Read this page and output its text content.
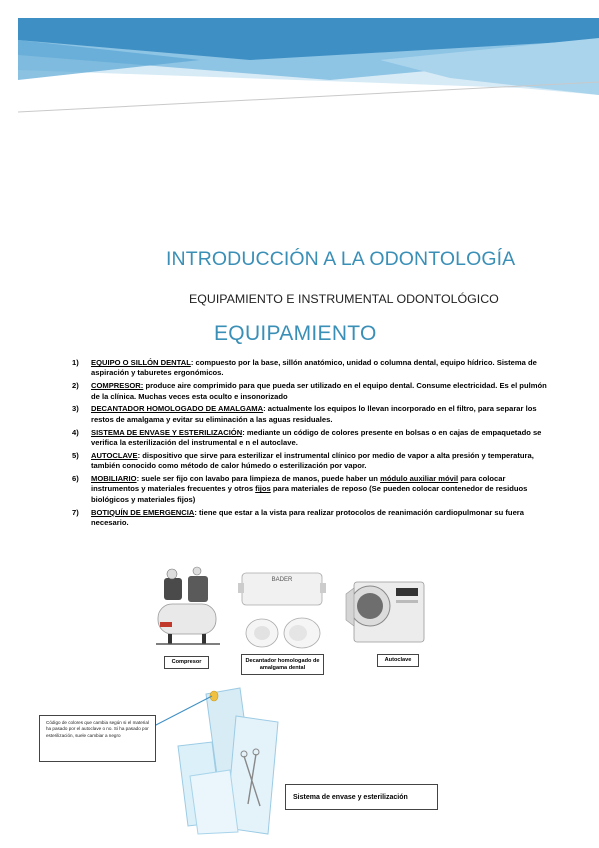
INTRODUCCIÓN A LA ODONTOLOGÍA
EQUIPAMIENTO E INSTRUMENTAL ODONTOLÓGICO
EQUIPAMIENTO
1) EQUIPO O SILLÓN DENTAL: compuesto por la base, sillón anatómico, unidad o columna dental, equipo hídrico. Sistema de aspiración y taburetes ergonómicos.
2) COMPRESOR: produce aire comprimido para que pueda ser utilizado en el equipo dental. Consume electricidad. Es el pulmón de la clínica. Muchas veces esta oculto e insonorizado
3) DECANTADOR HOMOLOGADO DE AMALGAMA: actualmente los equipos lo llevan incorporado en el filtro, para separar los restos de amalgama y evitar su eliminación a las aguas residuales.
4) SISTEMA DE ENVASE Y ESTERILIZACIÓN: mediante un código de colores presente en bolsas o en cajas de empaquetado se verifica la esterilización del instrumental e n el autoclave.
5) AUTOCLAVE: dispositivo que sirve para esterilizar el instrumental clínico por medio de vapor a alta presión y temperatura, también conocido como método de calor húmedo o esterilización por vapor.
6) MOBILIARIO: suele ser fijo con lavabo para limpieza de manos, puede haber un módulo auxiliar móvil para colocar instrumentos y materiales frecuentes y otros fijos para materiales de reposo (Se pueden colocar contenedor de residuos biológicos y materiales fijos)
7) BOTIQUÍN DE EMERGENCIA: tiene que estar a la vista para realizar protocolos de reanimación cardiopulmonar su fuera necesario.
Compresor
BADER
Decantador homologado de amalgama dental
Autoclave
Código de colores que cambia según si el material ha pasado por el autoclave o no. Si ha pasado por esterilización, suele cambiar a negro
Sistema de envase y esterilización
